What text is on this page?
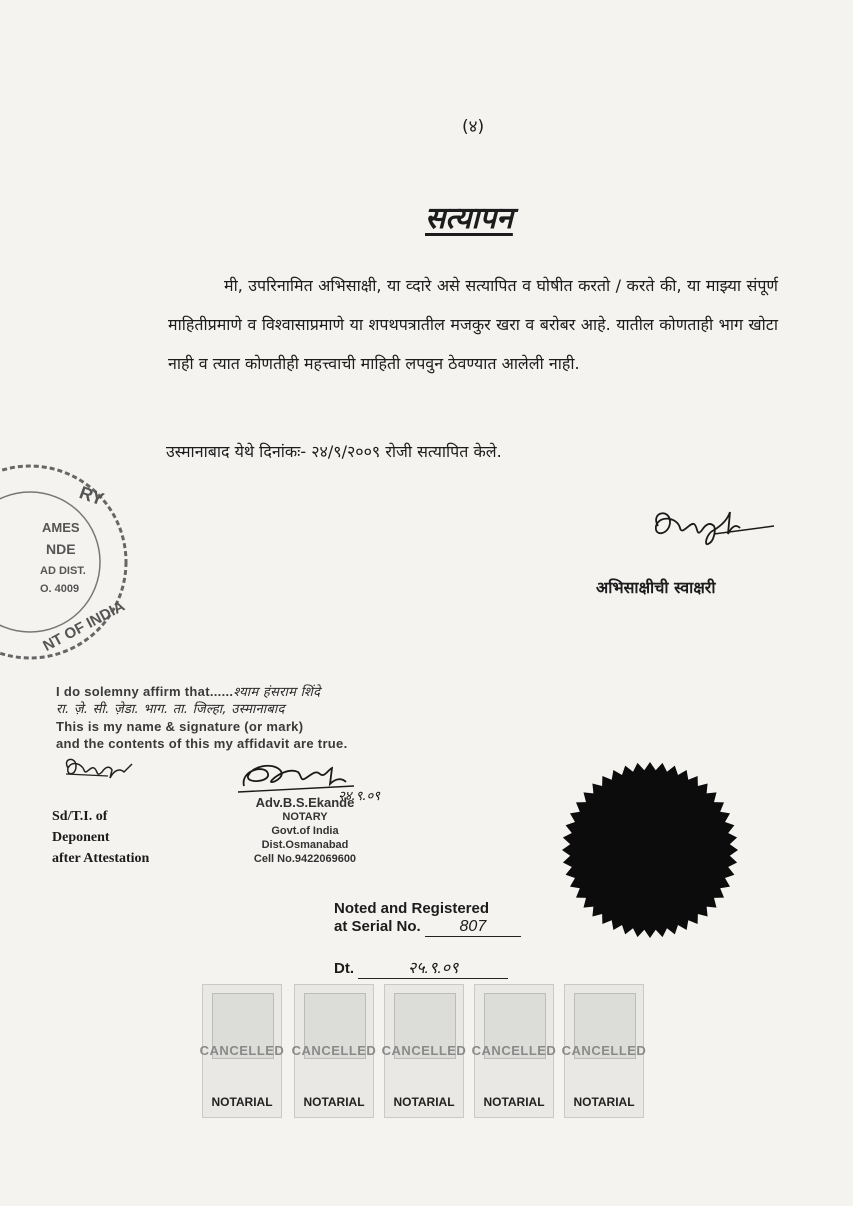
(४)
सत्यापन
मी, उपरिनामित अभिसाक्षी, या व्दारे असे सत्यापित व घोषीत करतो / करते की, या माझ्या संपूर्ण माहितीप्रमाणे व विश्वासाप्रमाणे या शपथपत्रातील मजकुर खरा व बरोबर आहे. यातील कोणताही भाग खोटा नाही व त्यात कोणतीही महत्त्वाची माहिती लपवुन ठेवण्यात आलेली नाही.
उस्मानाबाद येथे दिनांकः- २४/९/२००९ रोजी सत्यापित केले.
अभिसाक्षीची स्वाक्षरी
RY
NT OF INDIA
AMES
NDE
AD DIST.
O. 4009
I do solemny affirm that......श्याम हंसराम शिंदे
रा. ज़े. सी. ज़ेडा. भाग. ता. जिल्हा, उस्मानाबाद
This is my name & signature (or mark)
and the contents of this my affidavit are true.
Sd/T.I. of
Deponent
after Attestation
२४.९.०९
Adv.B.S.Ekande
NOTARY
Govt.of India
Dist.Osmanabad
Cell No.9422069600
Noted and Registered
at Serial No. 807
Dt.	२५.९.०९
CANCELLED
NOTARIAL
CANCELLED
NOTARIAL
CANCELLED
NOTARIAL
CANCELLED
NOTARIAL
CANCELLED
NOTARIAL
